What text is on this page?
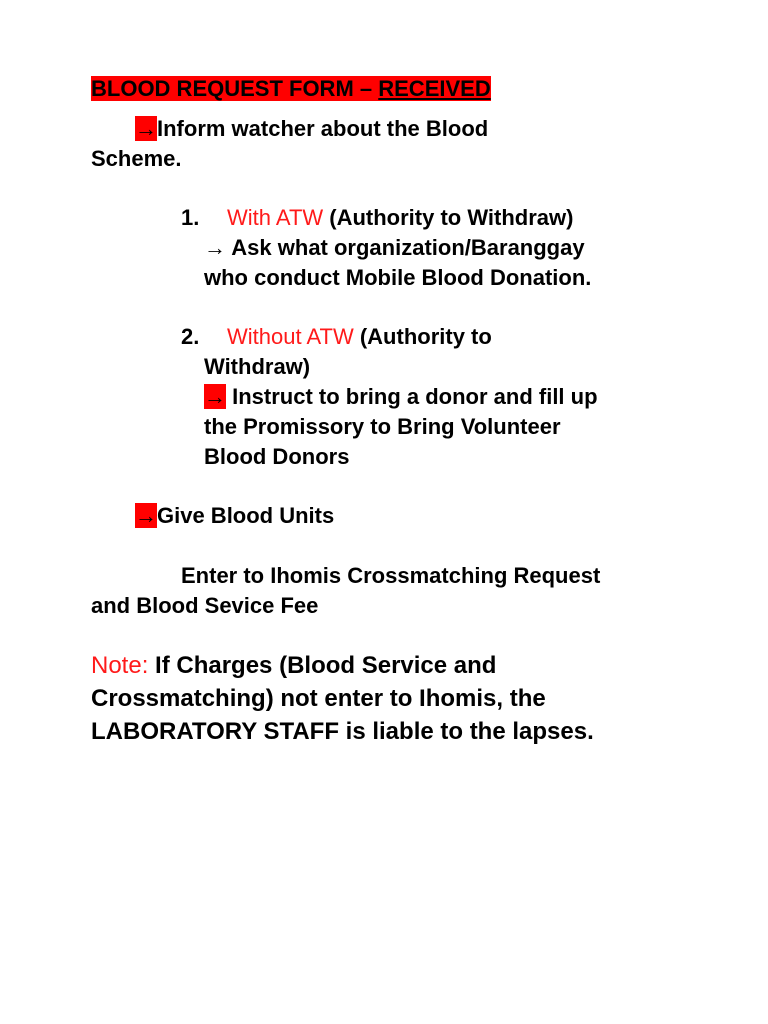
BLOOD REQUEST FORM – RECEIVED
→Inform watcher about the Blood
Scheme.
1. With ATW (Authority to Withdraw)
→ Ask what organization/Baranggay
who conduct Mobile Blood Donation.
2. Without ATW (Authority to
Withdraw)
→ Instruct to bring a donor and fill up
the Promissory to Bring Volunteer
Blood Donors
→Give Blood Units
Enter to Ihomis Crossmatching Request
and Blood Sevice Fee
Note: If Charges (Blood Service and
Crossmatching) not enter to Ihomis, the
LABORATORY STAFF is liable to the lapses.
